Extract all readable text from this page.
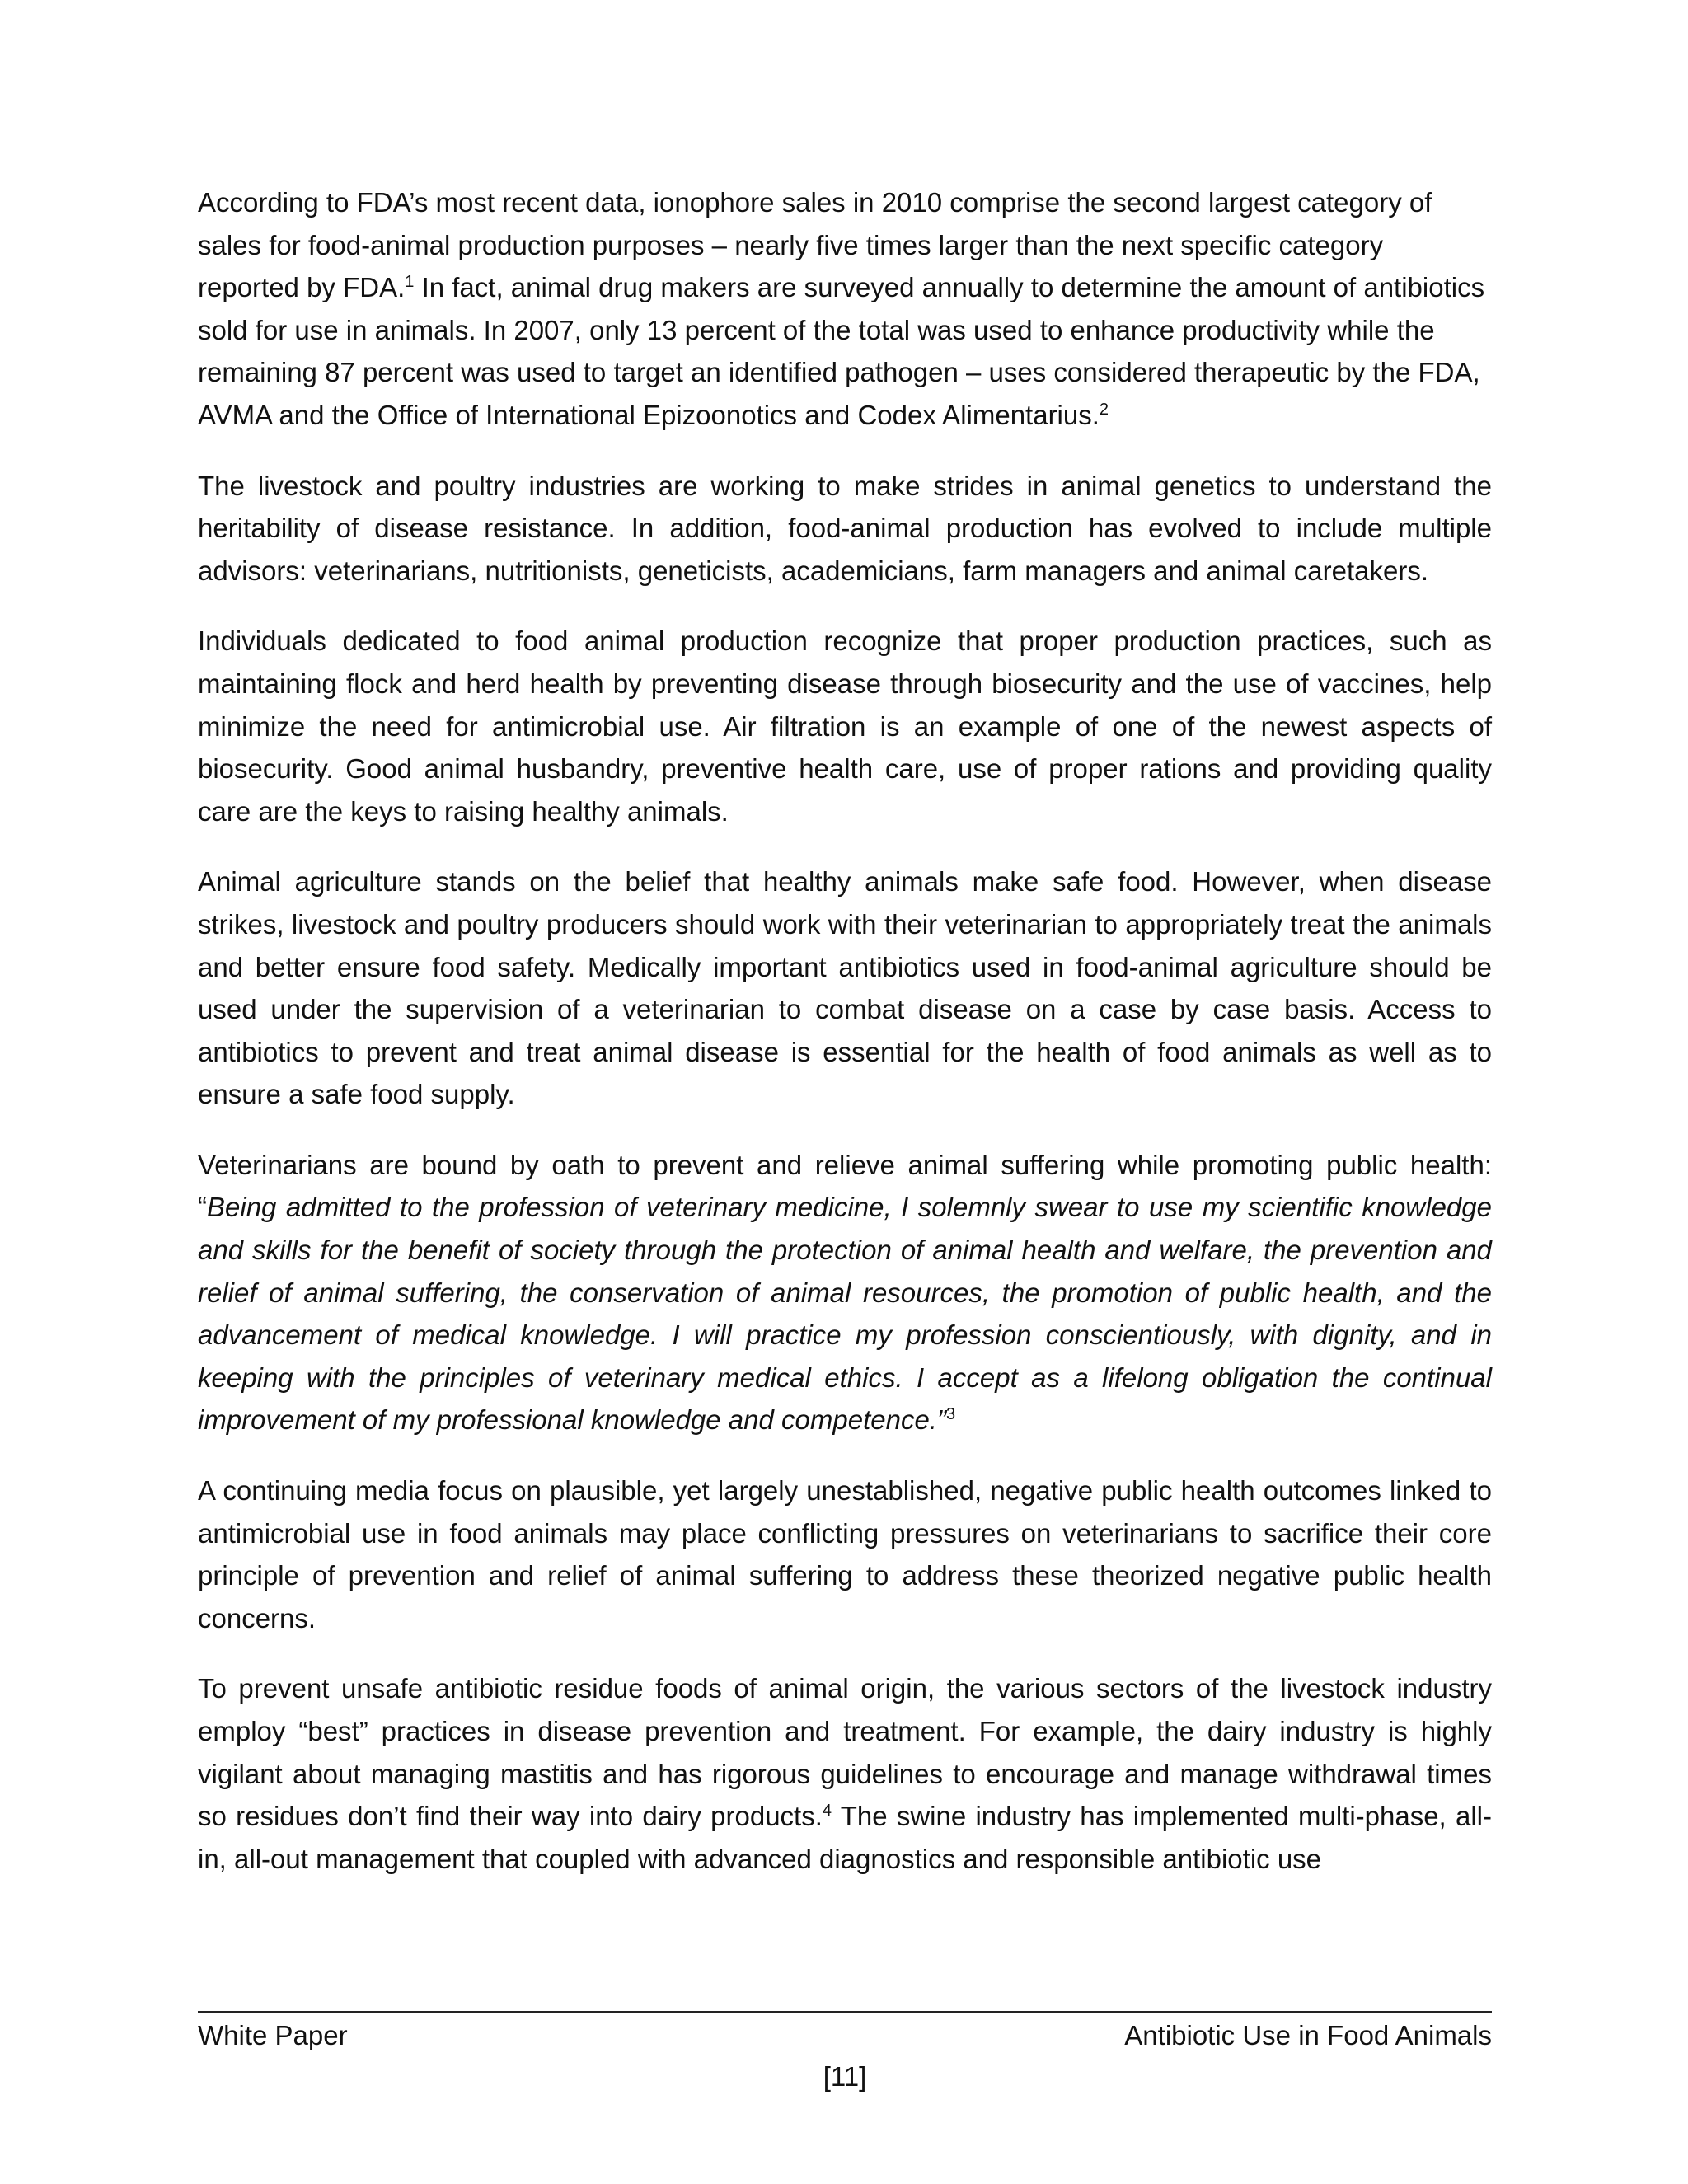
According to FDA’s most recent data, ionophore sales in 2010 comprise the second largest category of sales for food-animal production purposes – nearly five times larger than the next specific category reported by FDA.$^1$ In fact, animal drug makers are surveyed annually to determine the amount of antibiotics sold for use in animals. In 2007, only 13 percent of the total was used to enhance productivity while the remaining 87 percent was used to target an identified pathogen – uses considered therapeutic by the FDA, AVMA and the Office of International Epizoonotics and Codex Alimentarius.$^2$

The livestock and poultry industries are working to make strides in animal genetics to understand the heritability of disease resistance. In addition, food-animal production has evolved to include multiple advisors: veterinarians, nutritionists, geneticists, academicians, farm managers and animal caretakers.

Individuals dedicated to food animal production recognize that proper production practices, such as maintaining flock and herd health by preventing disease through biosecurity and the use of vaccines, help minimize the need for antimicrobial use. Air filtration is an example of one of the newest aspects of biosecurity. Good animal husbandry, preventive health care, use of proper rations and providing quality care are the keys to raising healthy animals.

Animal agriculture stands on the belief that healthy animals make safe food. However, when disease strikes, livestock and poultry producers should work with their veterinarian to appropriately treat the animals and better ensure food safety. Medically important antibiotics used in food-animal agriculture should be used under the supervision of a veterinarian to combat disease on a case by case basis. Access to antibiotics to prevent and treat animal disease is essential for the health of food animals as well as to ensure a safe food supply.

Veterinarians are bound by oath to prevent and relieve animal suffering while promoting public health: “Being admitted to the profession of veterinary medicine, I solemnly swear to use my scientific knowledge and skills for the benefit of society through the protection of animal health and welfare, the prevention and relief of animal suffering, the conservation of animal resources, the promotion of public health, and the advancement of medical knowledge. I will practice my profession conscientiously, with dignity, and in keeping with the principles of veterinary medical ethics. I accept as a lifelong obligation the continual improvement of my professional knowledge and competence.”$^3$

A continuing media focus on plausible, yet largely unestablished, negative public health outcomes linked to antimicrobial use in food animals may place conflicting pressures on veterinarians to sacrifice their core principle of prevention and relief of animal suffering to address these theorized negative public health concerns.

To prevent unsafe antibiotic residue foods of animal origin, the various sectors of the livestock industry employ “best” practices in disease prevention and treatment. For example, the dairy industry is highly vigilant about managing mastitis and has rigorous guidelines to encourage and manage withdrawal times so residues don’t find their way into dairy products.$^4$ The swine industry has implemented multi-phase, all-in, all-out management that coupled with advanced diagnostics and responsible antibiotic use

White Paper	Antibiotic Use in Food Animals
[11]
